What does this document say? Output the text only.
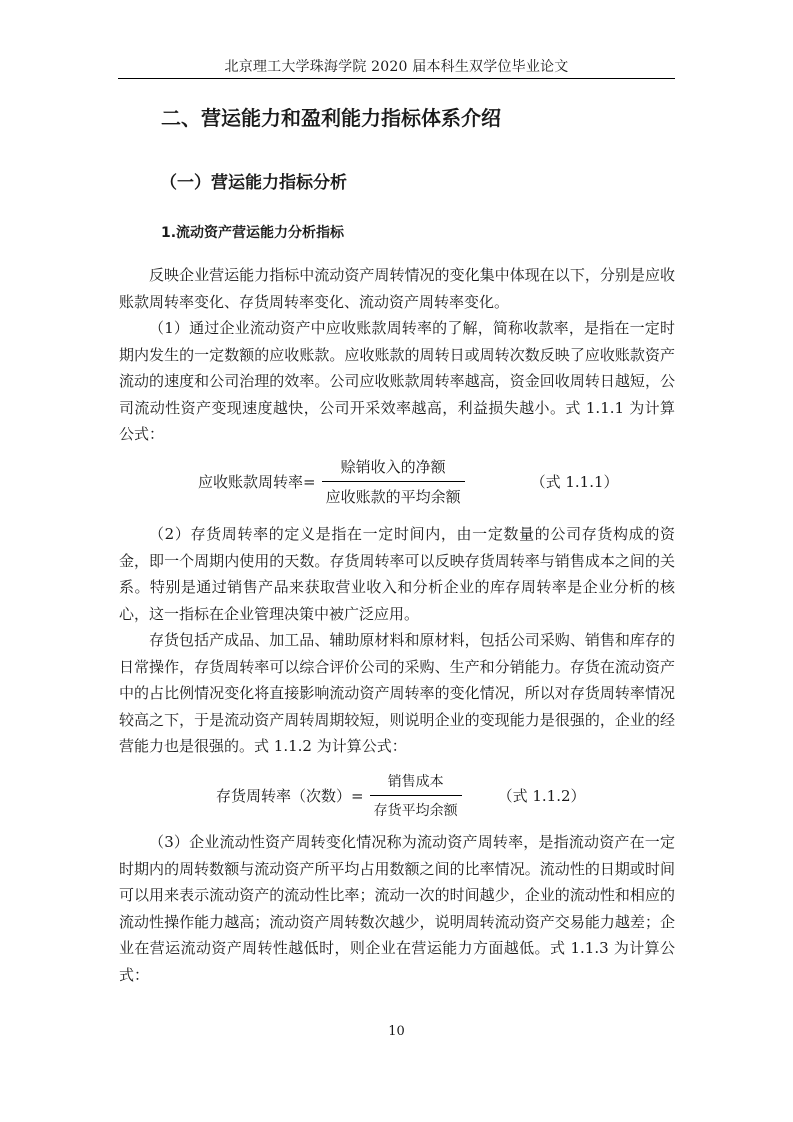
北京理工大学珠海学院 2020 届本科生双学位毕业论文
二、营运能力和盈利能力指标体系介绍
（一）营运能力指标分析
1.流动资产营运能力分析指标

反映企业营运能力指标中流动资产周转情况的变化集中体现在以下，分别是应收账款周转率变化、存货周转率变化、流动资产周转率变化。

（1）通过企业流动资产中应收账款周转率的了解，简称收款率，是指在一定时期内发生的一定数额的应收账款。应收账款的周转日或周转次数反映了应收账款资产流动的速度和公司治理的效率。公司应收账款周转率越高，资金回收周转日越短，公司流动性资产变现速度越快，公司开采效率越高，利益损失越小。式 1.1.1 为计算公式：

应收账款周转率= $\frac{\text{赊销收入的净额}}{\text{应收账款的平均余额}}$	（式 1.1.1）

（2）存货周转率的定义是指在一定时间内，由一定数量的公司存货构成的资金，即一个周期内使用的天数。存货周转率可以反映存货周转率与销售成本之间的关系。特别是通过销售产品来获取营业收入和分析企业的库存周转率是企业分析的核心，这一指标在企业管理决策中被广泛应用。

存货包括产成品、加工品、辅助原材料和原材料，包括公司采购、销售和库存的日常操作，存货周转率可以综合评价公司的采购、生产和分销能力。存货在流动资产中的占比例情况变化将直接影响流动资产周转率的变化情况，所以对存货周转率情况较高之下，于是流动资产周转周期较短，则说明企业的变现能力是很强的，企业的经营能力也是很强的。式 1.1.2 为计算公式：

存货周转率（次数）= $\frac{\text{销售成本}}{\text{存货平均余额}}$ （式 1.1.2）

（3）企业流动性资产周转变化情况称为流动资产周转率，是指流动资产在一定时期内的周转数额与流动资产所平均占用数额之间的比率情况。流动性的日期或时间可以用来表示流动资产的流动性比率；流动一次的时间越少，企业的流动性和相应的流动性操作能力越高；流动资产周转数次越少，说明周转流动资产交易能力越差；企业在营运流动资产周转性越低时，则企业在营运能力方面越低。式 1.1.3 为计算公式：

10
